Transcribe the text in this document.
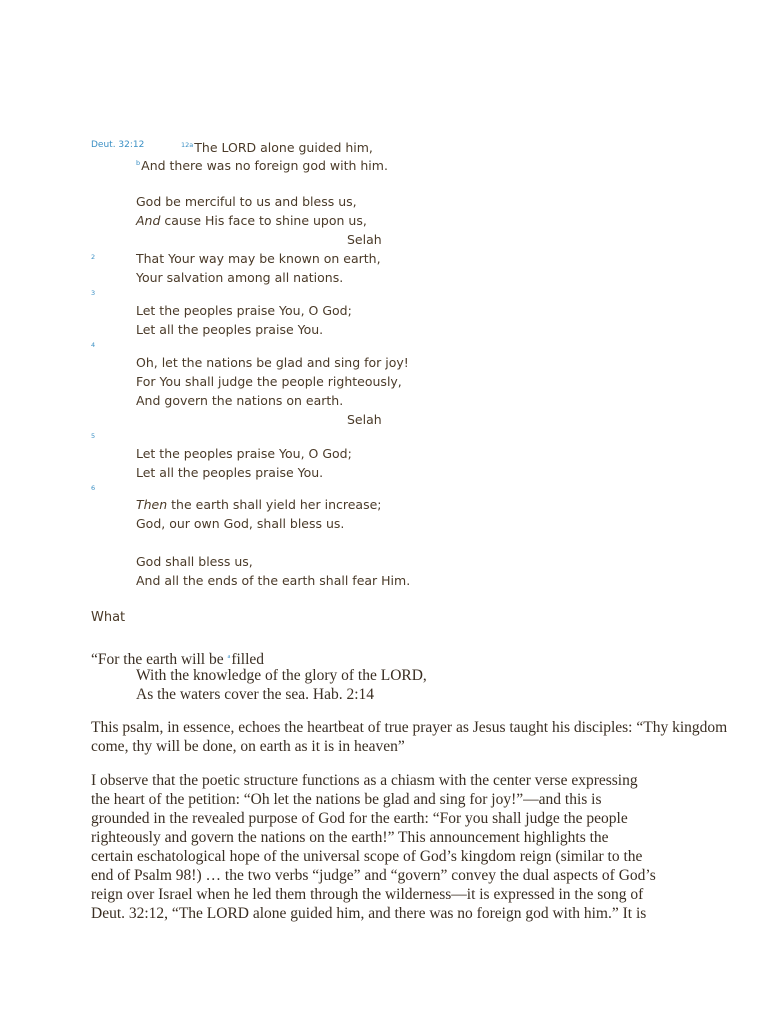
Deut. 32:12	$^{12a}$The LORD alone guided him,
$^b$And there was no foreign god with him.
God be merciful to us and bless us,
And cause His face to shine upon us,
Selah
2	That Your way may be known on earth,
Your salvation among all nations.
3
Let the peoples praise You, O God;
Let all the peoples praise You.
4
Oh, let the nations be glad and sing for joy!
For You shall judge the people righteously,
And govern the nations on earth.
Selah
5
Let the peoples praise You, O God;
Let all the peoples praise You.
6
Then the earth shall yield her increase;
God, our own God, shall bless us.
God shall bless us,
And all the ends of the earth shall fear Him.
What
“For the earth will be $^a$filled
With the knowledge of the glory of the LORD,
As the waters cover the sea. Hab. 2:14
This psalm, in essence, echoes the heartbeat of true prayer as Jesus taught his disciples: “Thy kingdom come, thy will be done, on earth as it is in heaven”
I observe that the poetic structure functions as a chiasm with the center verse expressing
the heart of the petition: “Oh let the nations be glad and sing for joy!”—and this is
grounded in the revealed purpose of God for the earth: “For you shall judge the people
righteously and govern the nations on the earth!” This announcement highlights the
certain eschatological hope of the universal scope of God’s kingdom reign (similar to the
end of Psalm 98!) … the two verbs “judge” and “govern” convey the dual aspects of God’s
reign over Israel when he led them through the wilderness—it is expressed in the song of
Deut. 32:12, “The LORD alone guided him, and there was no foreign god with him.” It is
